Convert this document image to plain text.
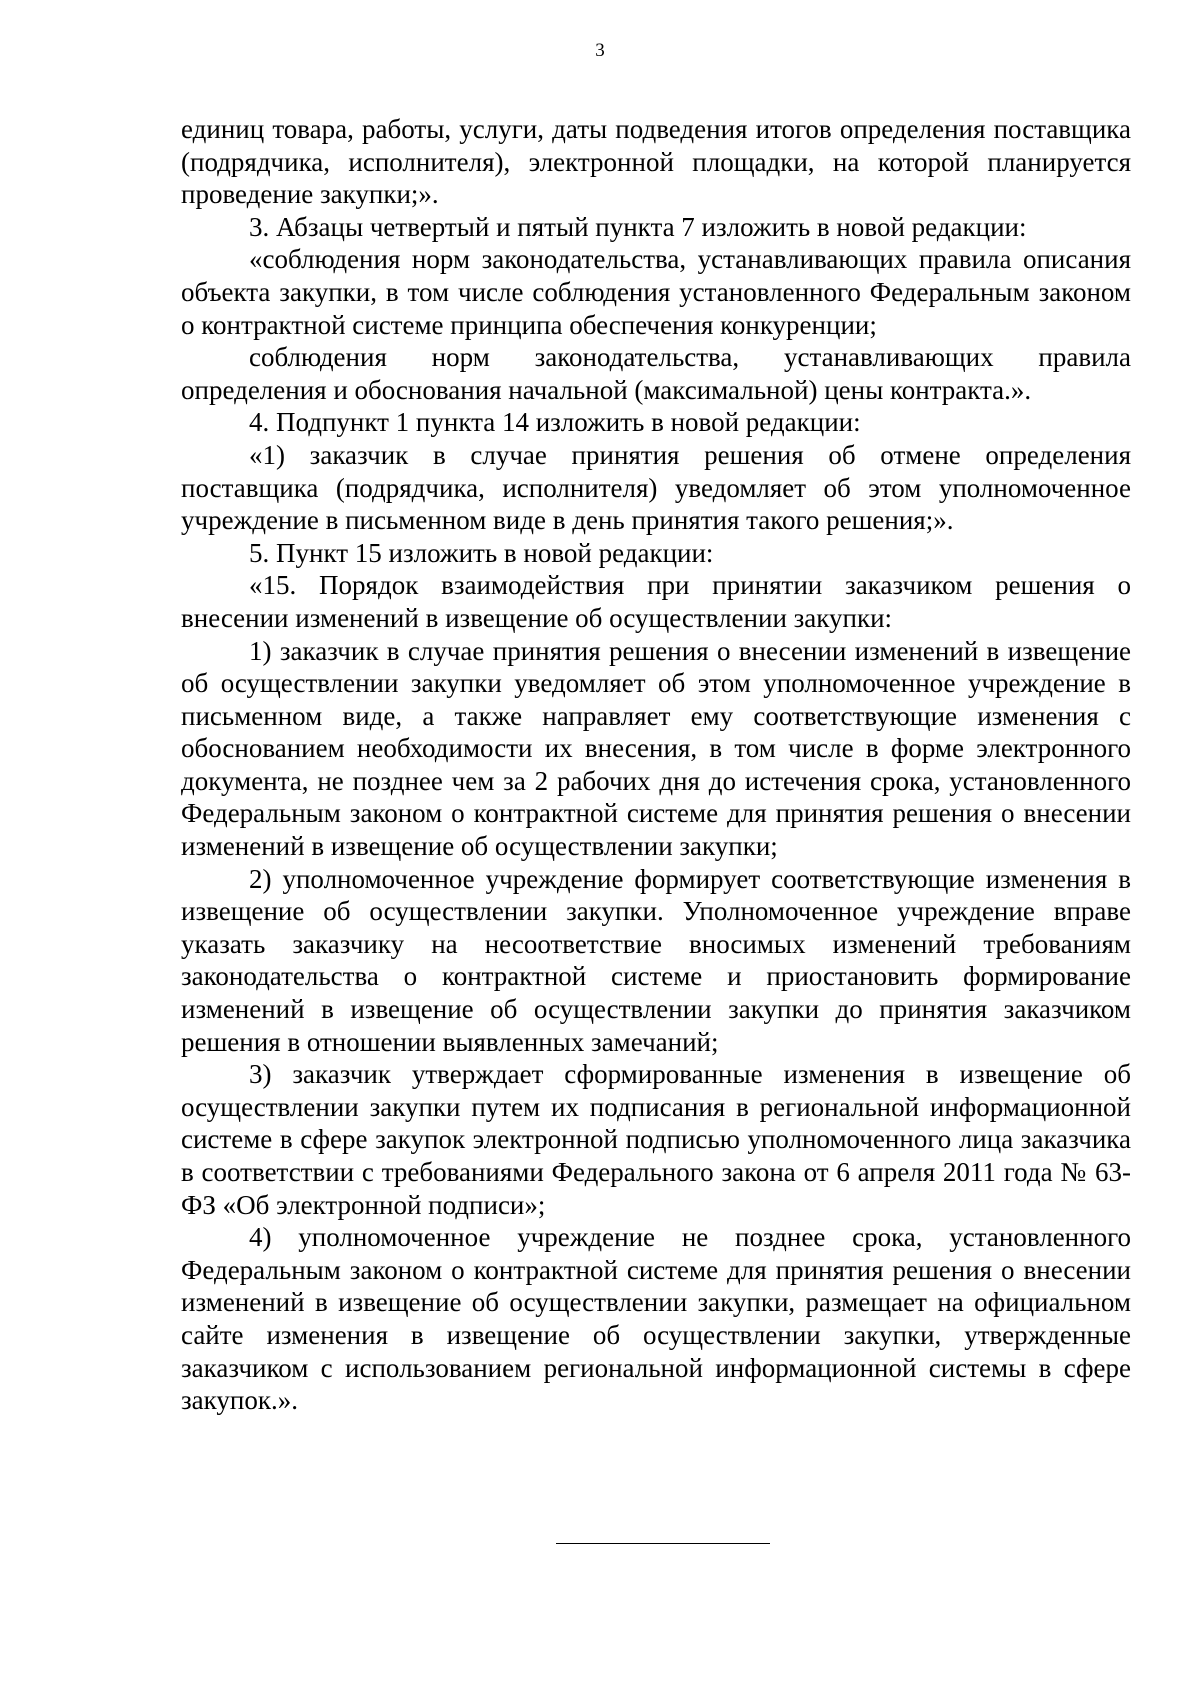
3

единиц товара, работы, услуги, даты подведения итогов определения поставщика (подрядчика, исполнителя), электронной площадки, на которой планируется проведение закупки;».

3. Абзацы четвертый и пятый пункта 7 изложить в новой редакции:

«соблюдения норм законодательства, устанавливающих правила описания объекта закупки, в том числе соблюдения установленного Федеральным законом о контрактной системе принципа обеспечения конкуренции;

соблюдения норм законодательства, устанавливающих правила определения и обоснования начальной (максимальной) цены контракта.».

4. Подпункт 1 пункта 14 изложить в новой редакции:

«1) заказчик в случае принятия решения об отмене определения поставщика (подрядчика, исполнителя) уведомляет об этом уполномоченное учреждение в письменном виде в день принятия такого решения;».

5. Пункт 15 изложить в новой редакции:

«15. Порядок взаимодействия при принятии заказчиком решения о внесении изменений в извещение об осуществлении закупки:

1) заказчик в случае принятия решения о внесении изменений в извещение об осуществлении закупки уведомляет об этом уполномоченное учреждение в письменном виде, а также направляет ему соответствующие изменения с обоснованием необходимости их внесения, в том числе в форме электронного документа, не позднее чем за 2 рабочих дня до истечения срока, установленного Федеральным законом о контрактной системе для принятия решения о внесении изменений в извещение об осуществлении закупки;

2) уполномоченное учреждение формирует соответствующие изменения в извещение об осуществлении закупки. Уполномоченное учреждение вправе указать заказчику на несоответствие вносимых изменений требованиям законодательства о контрактной системе и приостановить формирование изменений в извещение об осуществлении закупки до принятия заказчиком решения в отношении выявленных замечаний;

3) заказчик утверждает сформированные изменения в извещение об осуществлении закупки путем их подписания в региональной информационной системе в сфере закупок электронной подписью уполномоченного лица заказчика в соответствии с требованиями Федерального закона от 6 апреля 2011 года № 63-ФЗ «Об электронной подписи»;

4) уполномоченное учреждение не позднее срока, установленного Федеральным законом о контрактной системе для принятия решения о внесении изменений в извещение об осуществлении закупки, размещает на официальном сайте изменения в извещение об осуществлении закупки, утвержденные заказчиком с использованием региональной информационной системы в сфере закупок.».
